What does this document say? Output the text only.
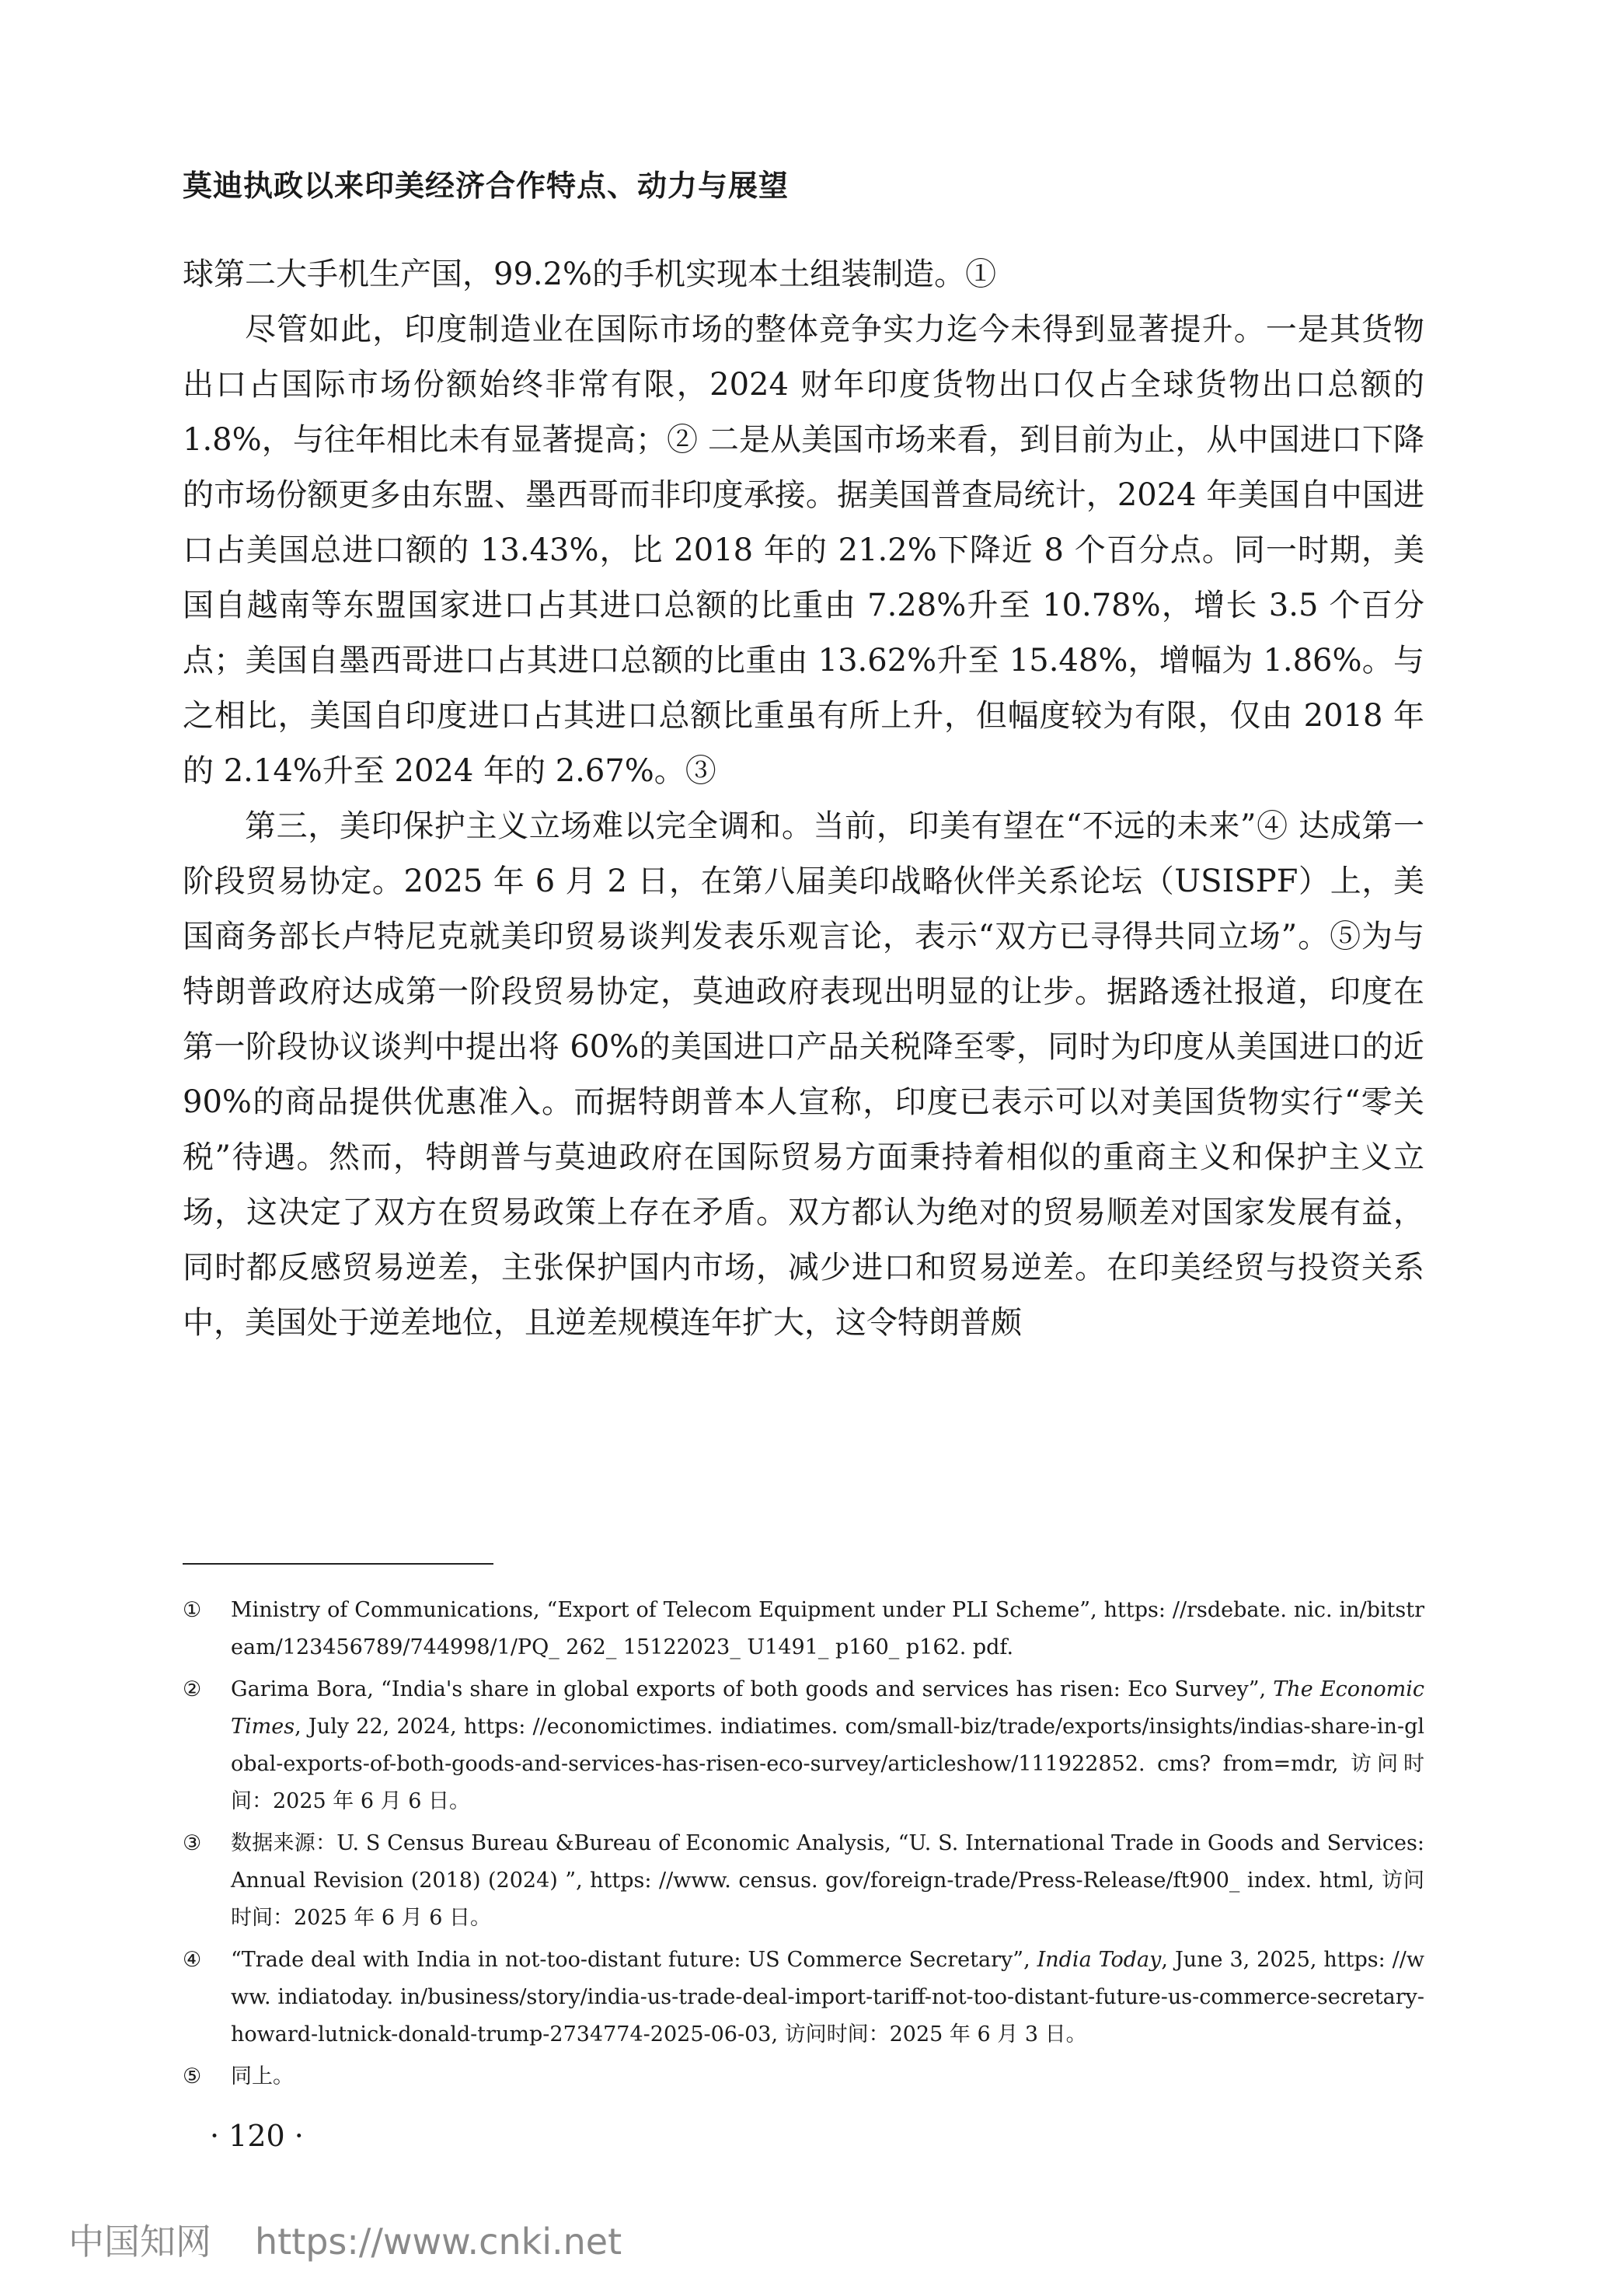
莫迪执政以来印美经济合作特点、动力与展望

球第二大手机生产国，99.2%的手机实现本土组装制造。①

尽管如此，印度制造业在国际市场的整体竞争实力迄今未得到显著提升。一是其货物出口占国际市场份额始终非常有限，2024 财年印度货物出口仅占全球货物出口总额的 1.8%，与往年相比未有显著提高；② 二是从美国市场来看，到目前为止，从中国进口下降的市场份额更多由东盟、墨西哥而非印度承接。据美国普查局统计，2024 年美国自中国进口占美国总进口额的 13.43%，比 2018 年的 21.2%下降近 8 个百分点。同一时期，美国自越南等东盟国家进口占其进口总额的比重由 7.28%升至 10.78%，增长 3.5 个百分点；美国自墨西哥进口占其进口总额的比重由 13.62%升至 15.48%，增幅为 1.86%。与之相比，美国自印度进口占其进口总额比重虽有所上升，但幅度较为有限，仅由 2018 年的 2.14%升至 2024 年的 2.67%。③

第三，美印保护主义立场难以完全调和。当前，印美有望在“不远的未来”④ 达成第一阶段贸易协定。2025 年 6 月 2 日，在第八届美印战略伙伴关系论坛（USISPF）上，美国商务部长卢特尼克就美印贸易谈判发表乐观言论，表示“双方已寻得共同立场”。⑤为与特朗普政府达成第一阶段贸易协定，莫迪政府表现出明显的让步。据路透社报道，印度在第一阶段协议谈判中提出将 60%的美国进口产品关税降至零，同时为印度从美国进口的近 90%的商品提供优惠准入。而据特朗普本人宣称，印度已表示可以对美国货物实行“零关税”待遇。然而，特朗普与莫迪政府在国际贸易方面秉持着相似的重商主义和保护主义立场，这决定了双方在贸易政策上存在矛盾。双方都认为绝对的贸易顺差对国家发展有益，同时都反感贸易逆差，主张保护国内市场，减少进口和贸易逆差。在印美经贸与投资关系中，美国处于逆差地位，且逆差规模连年扩大，这令特朗普颇

①	Ministry of Communications, “Export of Telecom Equipment under PLI Scheme”, https: //rsdebate. nic. in/bitstream/123456789/744998/1/PQ_ 262_ 15122023_ U1491_ p160_ p162. pdf.
②	Garima Bora, “India's share in global exports of both goods and services has risen: Eco Survey”, The Economic Times, July 22, 2024, https: //economictimes. indiatimes. com/small-biz/trade/exports/insights/indias-share-in-global-exports-of-both-goods-and-services-has-risen-eco-survey/articleshow/111922852. cms? from=mdr, 访问时间：2025 年 6 月 6 日。
③	数据来源：U. S Census Bureau &Bureau of Economic Analysis, “U. S. International Trade in Goods and Services: Annual Revision (2018) (2024) ”, https: //www. census. gov/foreign-trade/Press-Release/ft900_ index. html, 访问时间：2025 年 6 月 6 日。
④	“Trade deal with India in not-too-distant future: US Commerce Secretary”, India Today, June 3, 2025, https: //www. indiatoday. in/business/story/india-us-trade-deal-import-tariff-not-too-distant-future-us-commerce-secretary-howard-lutnick-donald-trump-2734774-2025-06-03, 访问时间：2025 年 6 月 3 日。
⑤	同上。
· 120 ·
中国知网 https://www.cnki.net
